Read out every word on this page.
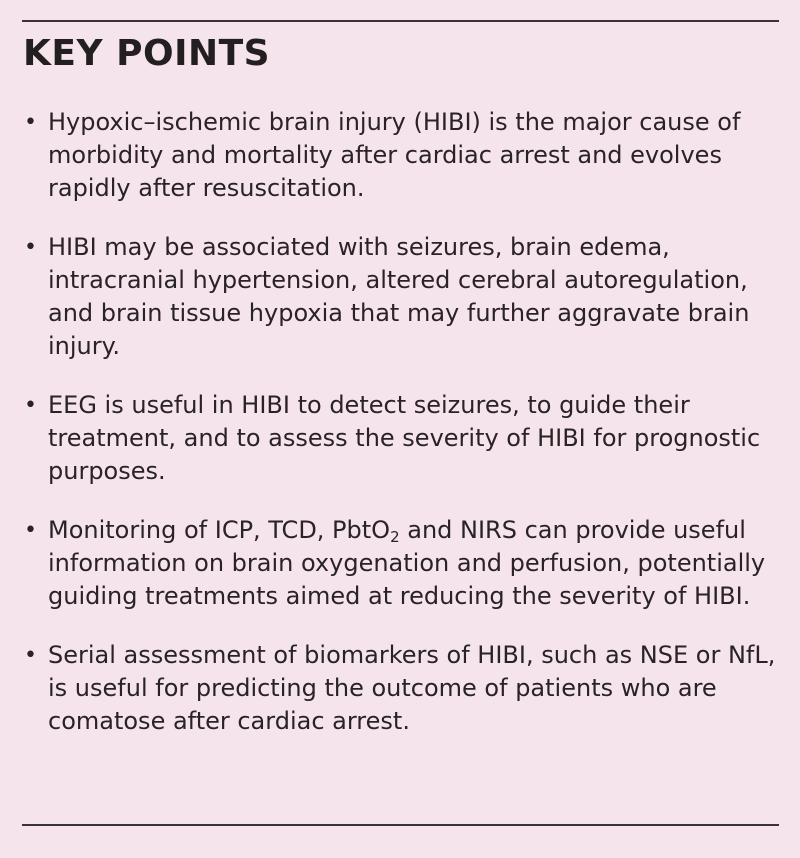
KEY POINTS
• Hypoxic–ischemic brain injury (HIBI) is the major cause of morbidity and mortality after cardiac arrest and evolves rapidly after resuscitation.
• HIBI may be associated with seizures, brain edema, intracranial hypertension, altered cerebral autoregulation, and brain tissue hypoxia that may further aggravate brain injury.
• EEG is useful in HIBI to detect seizures, to guide their treatment, and to assess the severity of HIBI for prognostic purposes.
• Monitoring of ICP, TCD, PbtO$_2$ and NIRS can provide useful information on brain oxygenation and perfusion, potentially guiding treatments aimed at reducing the severity of HIBI.
• Serial assessment of biomarkers of HIBI, such as NSE or NfL, is useful for predicting the outcome of patients who are comatose after cardiac arrest.
